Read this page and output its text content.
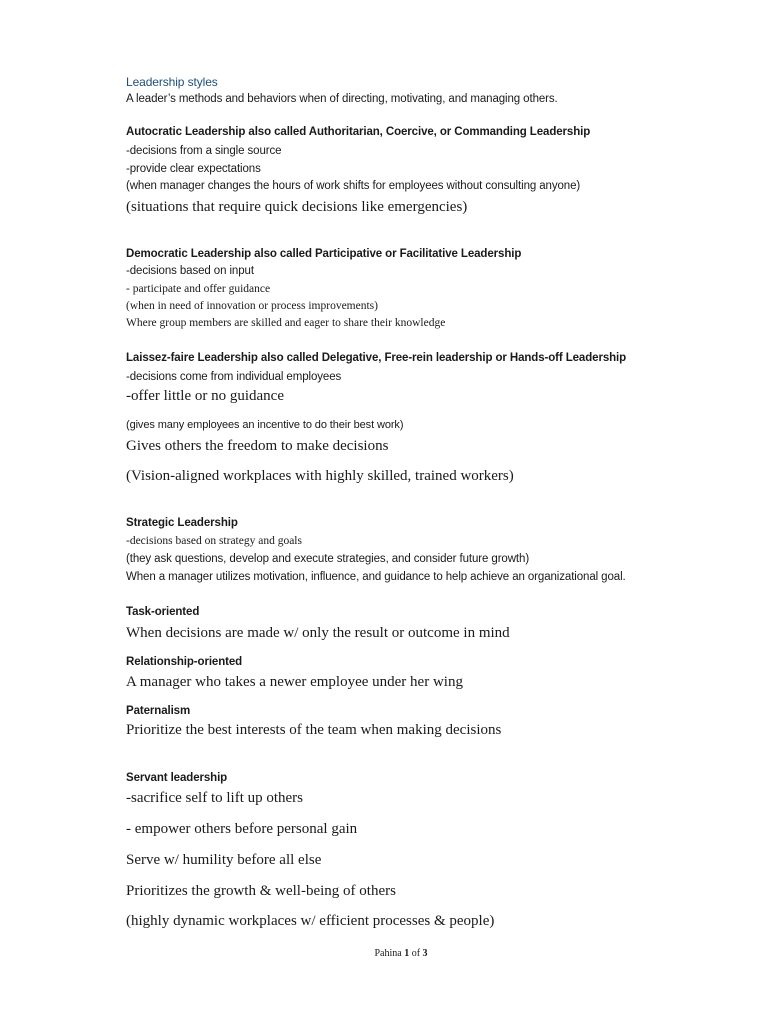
Leadership styles
A leader’s methods and behaviors when of directing, motivating, and managing others.
Autocratic Leadership also called Authoritarian, Coercive, or Commanding Leadership
-decisions from a single source
-provide clear expectations
(when manager changes the hours of work shifts for employees without consulting anyone)
(situations that require quick decisions like emergencies)
Democratic Leadership also called Participative or Facilitative Leadership
-decisions based on input
- participate and offer guidance
(when in need of innovation or process improvements)
Where group members are skilled and eager to share their knowledge
Laissez-faire Leadership also called Delegative, Free-rein leadership or Hands-off Leadership
-decisions come from individual employees
-offer little or no guidance
(gives many employees an incentive to do their best work)
Gives others the freedom to make decisions
(Vision-aligned workplaces with highly skilled, trained workers)
Strategic Leadership
-decisions based on strategy and goals
(they ask questions, develop and execute strategies, and consider future growth)
When a manager utilizes motivation, influence, and guidance to help achieve an organizational goal.
Task-oriented
When decisions are made w/ only the result or outcome in mind
Relationship-oriented
A manager who takes a newer employee under her wing
Paternalism
Prioritize the best interests of the team when making decisions
Servant leadership
-sacrifice self to lift up others
- empower others before personal gain
Serve w/ humility before all else
Prioritizes the growth & well-being of others
(highly dynamic workplaces w/ efficient processes & people)
Pahina 1 of 3
